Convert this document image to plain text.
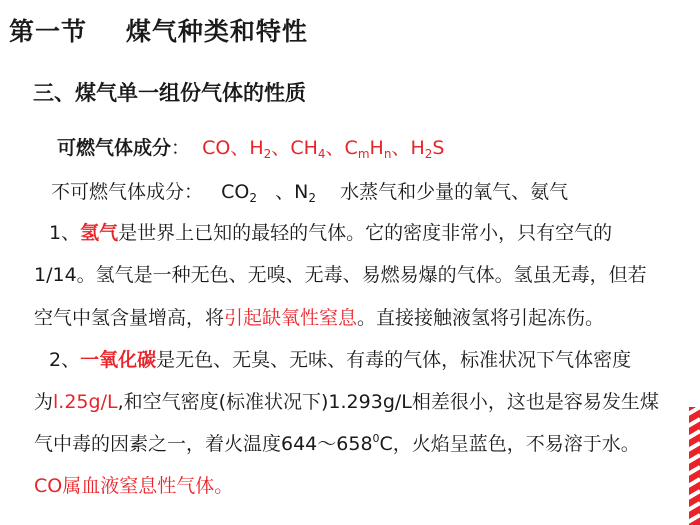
第一节    煤气种类和特性
三、煤气单一组份气体的性质
可燃气体成分：  CO、$H_2$、$CH_4$、$C_mH_n$、$H_2S$
不可燃气体成分：   $CO_2$   、$N_2$    水蒸气和少量的氧气、氨气
1、氢气是世界上已知的最轻的气体。它的密度非常小，只有空气的
1/14。氢气是一种无色、无嗅、无毒、易燃易爆的气体。氢虽无毒，但若
空气中氢含量增高，将引起缺氧性窒息。直接接触液氢将引起冻伤。
2、一氧化碳是无色、无臭、无味、有毒的气体，标准状况下气体密度
为l.25g/L,和空气密度(标准状况下)1.293g/L相差很小，这也是容易发生煤
气中毒的因素之一，着火温度$644\sim 658^0C$，火焰呈蓝色，不易溶于水。
CO属血液窒息性气体。
